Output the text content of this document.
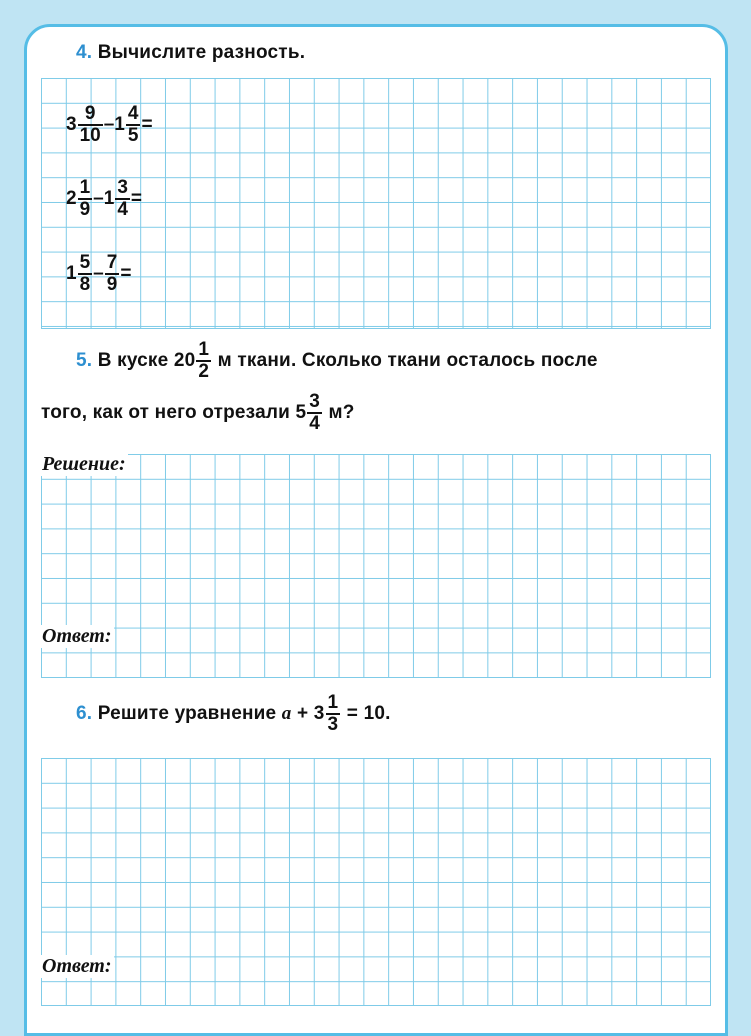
4. Вычислите разность.
$3 \frac{9}{10} - 1 \frac{4}{5}$ =
$2 \frac{1}{9} - 1 \frac{3}{4}$ =
$1 \frac{5}{8} - \frac{7}{9}$ =
5.
В куске $20 \frac{1}{2}$ м ткани. Сколько ткани осталось после
того, как от него отрезали $5 \frac{3}{4} м$?
Решение:
Ответ:
6.
Решите уравнение $a + 3 \frac{1}{3} = 10$.
Ответ:
